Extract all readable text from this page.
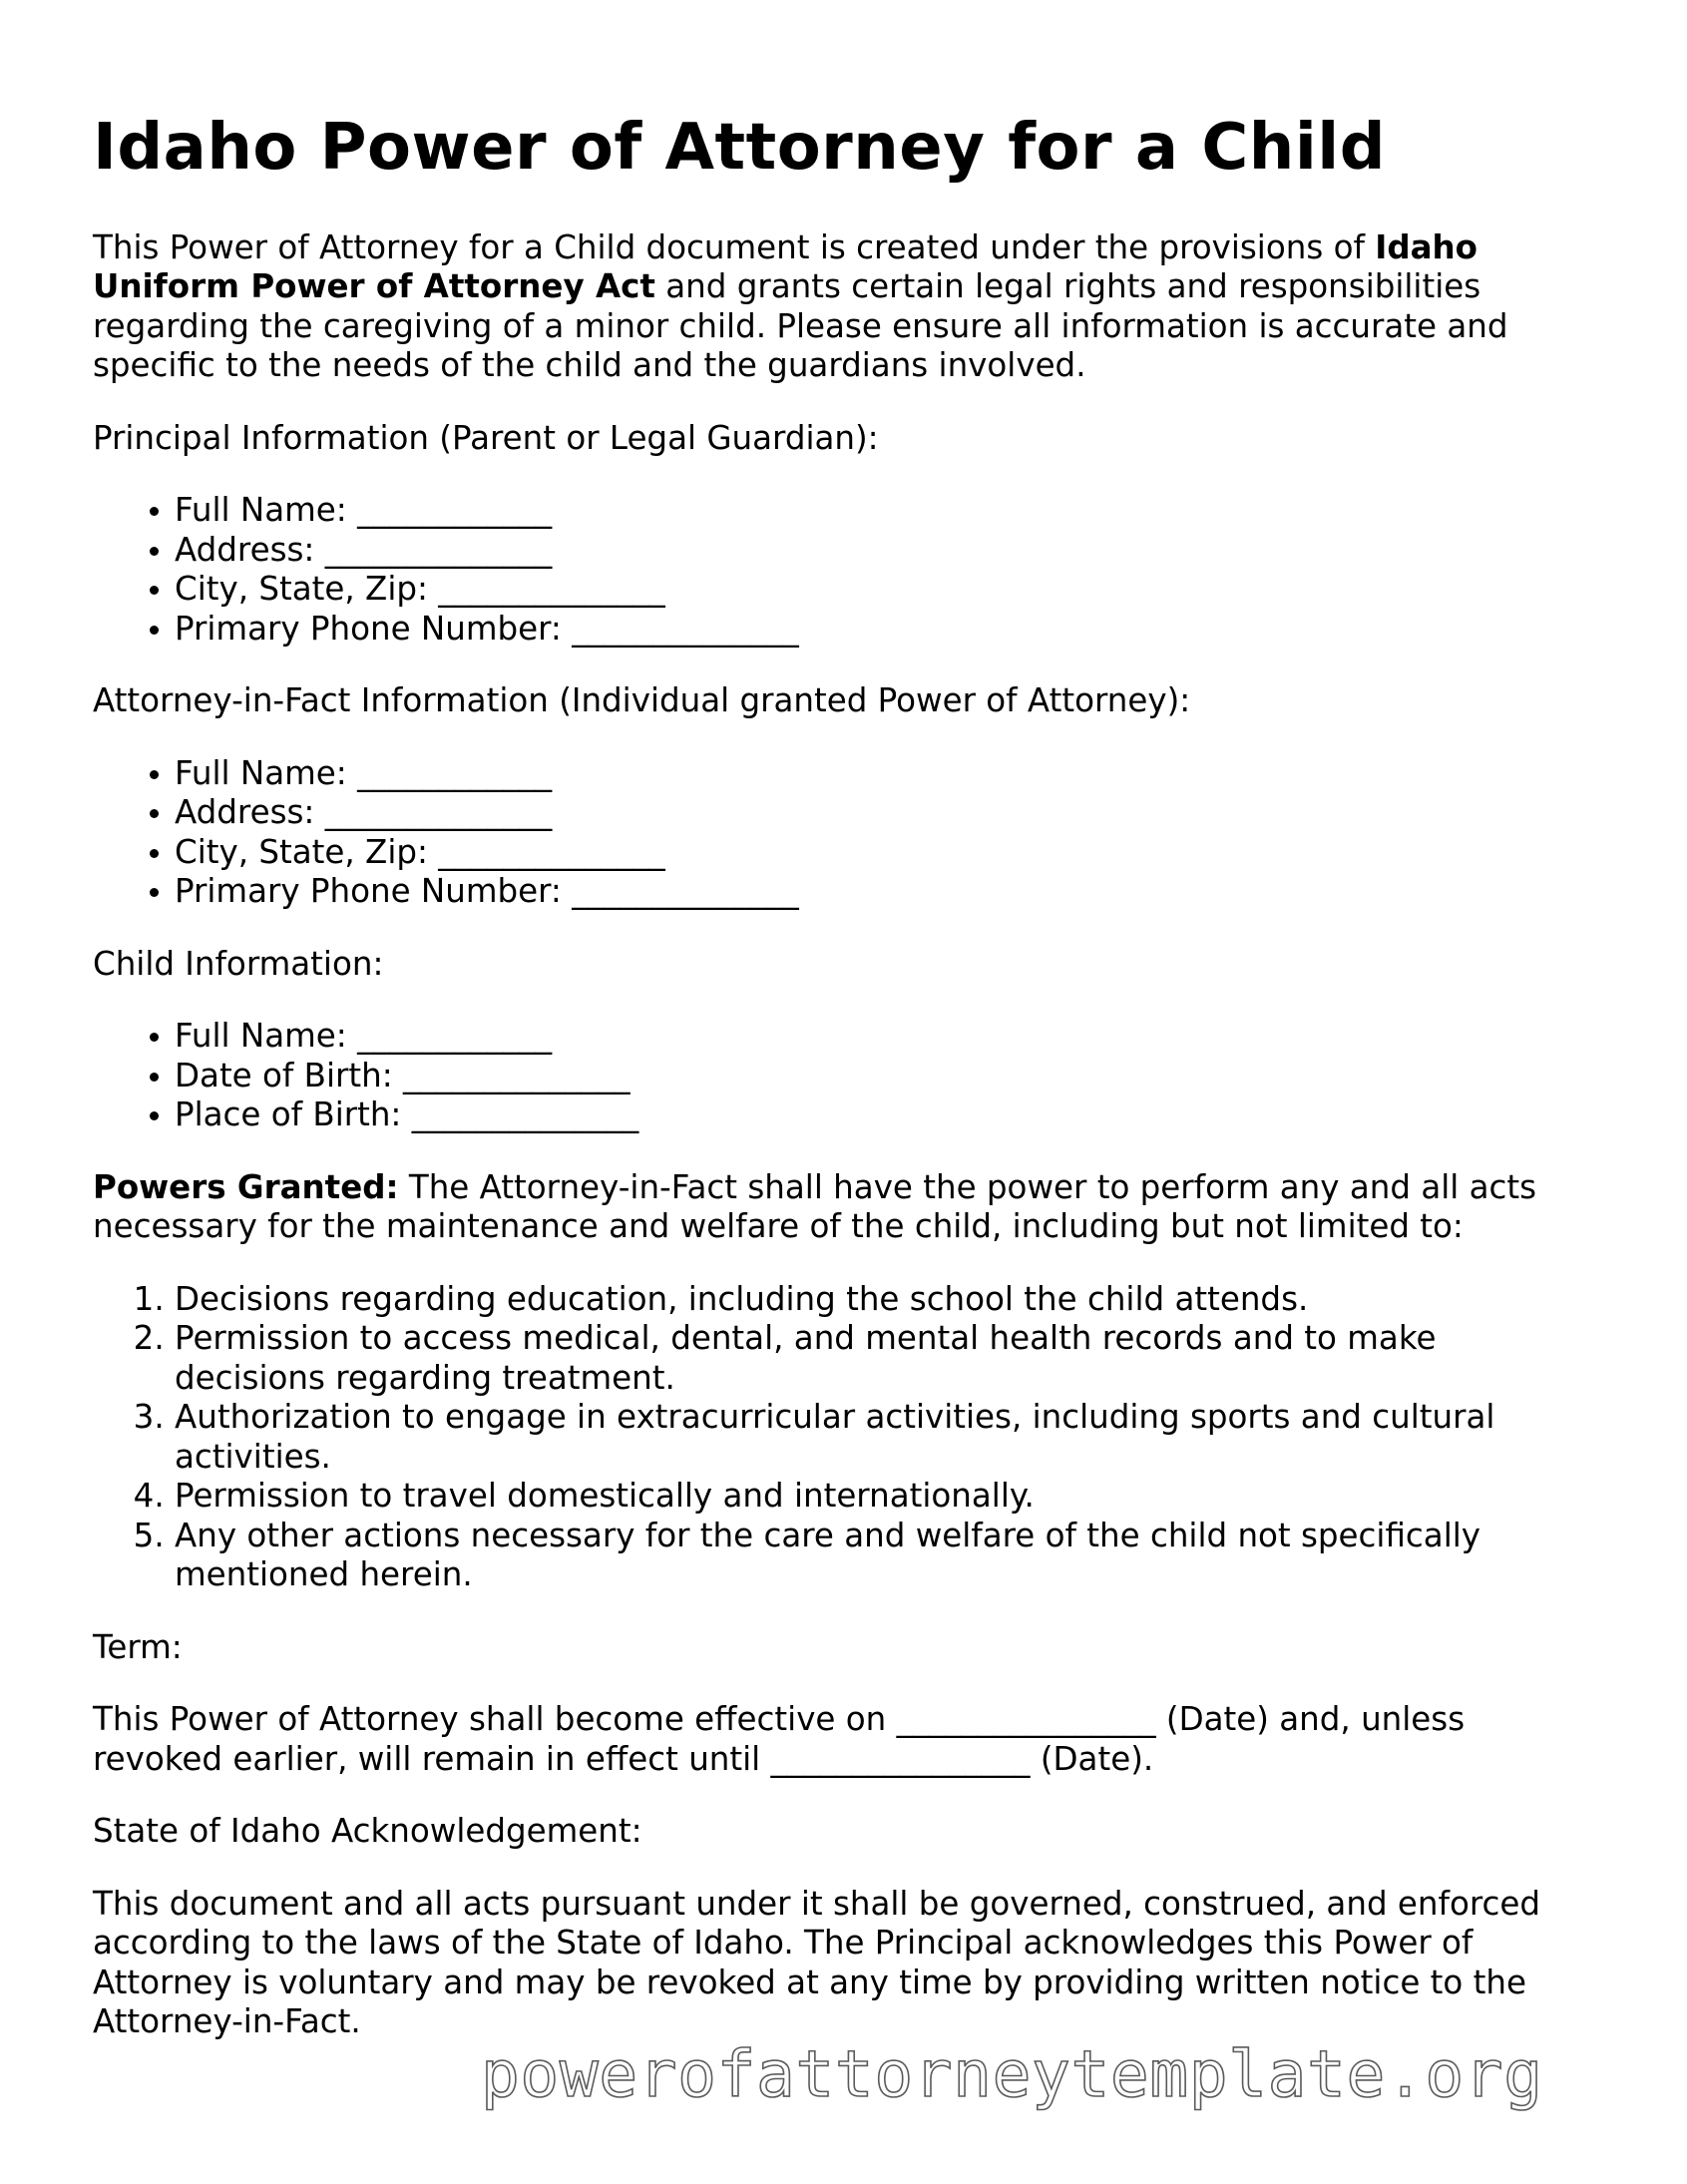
Idaho Power of Attorney for a Child

This Power of Attorney for a Child document is created under the provisions of Idaho Uniform Power of Attorney Act and grants certain legal rights and responsibilities regarding the caregiving of a minor child. Please ensure all information is accurate and specific to the needs of the child and the guardians involved.

Principal Information (Parent or Legal Guardian):

• Full Name: ____________
• Address: ______________
• City, State, Zip: ______________
• Primary Phone Number: ______________

Attorney-in-Fact Information (Individual granted Power of Attorney):

• Full Name: ____________
• Address: ______________
• City, State, Zip: ______________
• Primary Phone Number: ______________

Child Information:

• Full Name: ____________
• Date of Birth: ______________
• Place of Birth: ______________

Powers Granted: The Attorney-in-Fact shall have the power to perform any and all acts necessary for the maintenance and welfare of the child, including but not limited to:

1. Decisions regarding education, including the school the child attends.
2. Permission to access medical, dental, and mental health records and to make decisions regarding treatment.
3. Authorization to engage in extracurricular activities, including sports and cultural activities.
4. Permission to travel domestically and internationally.
5. Any other actions necessary for the care and welfare of the child not specifically mentioned herein.

Term:

This Power of Attorney shall become effective on ________________ (Date) and, unless revoked earlier, will remain in effect until ________________ (Date).

State of Idaho Acknowledgement:

This document and all acts pursuant under it shall be governed, construed, and enforced according to the laws of the State of Idaho. The Principal acknowledges this Power of Attorney is voluntary and may be revoked at any time by providing written notice to the Attorney-in-Fact.

powerofattorneytemplate.org
